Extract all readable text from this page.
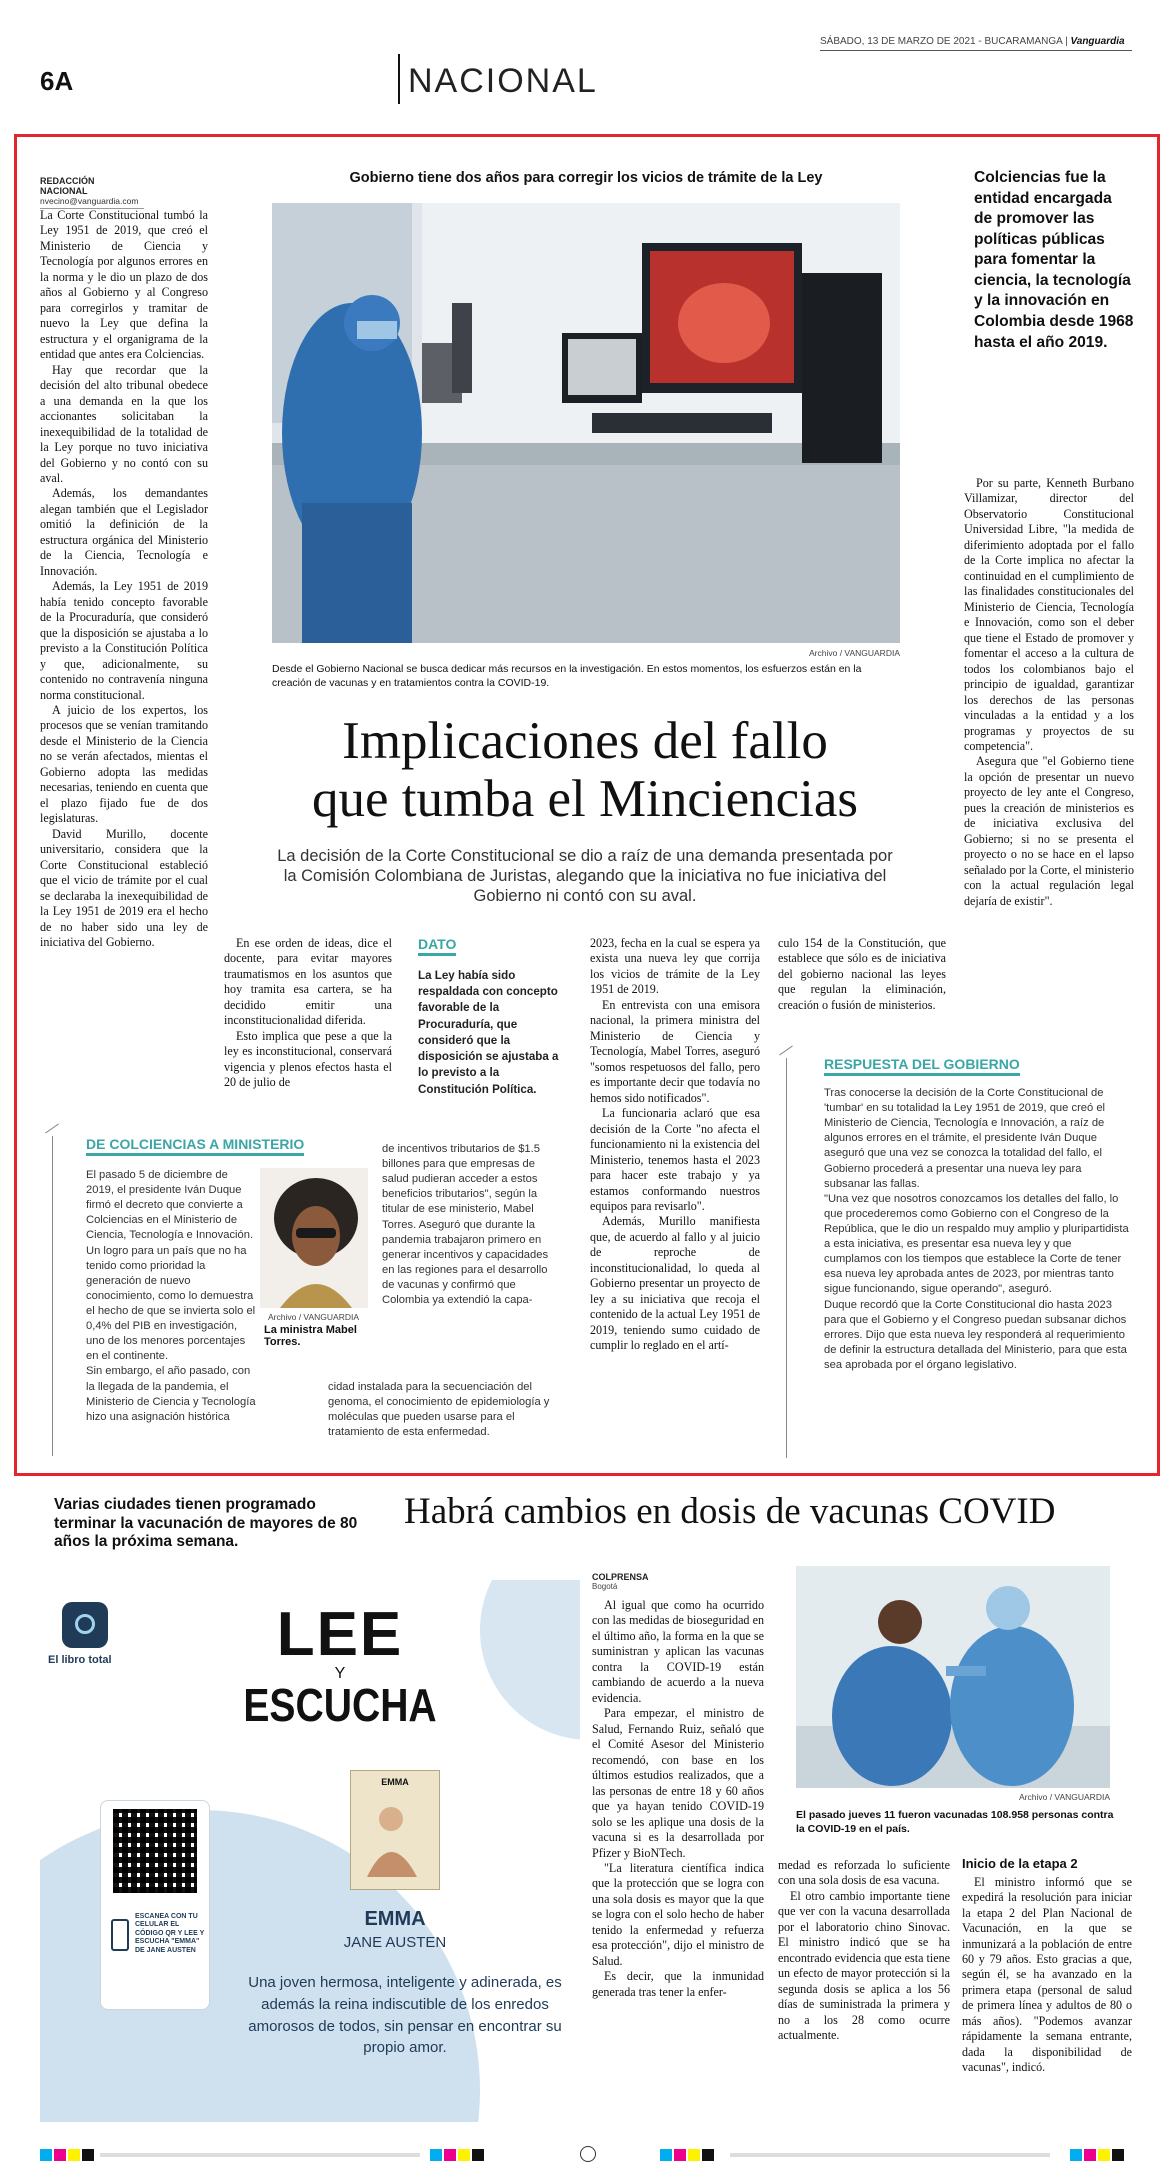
SÁBADO, 13 DE MARZO DE 2021 - BUCARAMANGA | Vanguardia
6A	NACIONAL
REDACCIÓN NACIONAL
nvecino@vanguardia.com

La Corte Constitucional tumbó la Ley 1951 de 2019, que creó el Ministerio de Ciencia y Tecnología por algunos errores en la norma y le dio un plazo de dos años al Gobierno y al Congreso para corregirlos y tramitar de nuevo la Ley que defina la estructura y el organigrama de la entidad que antes era Colciencias.

Hay que recordar que la decisión del alto tribunal obedece a una demanda en la que los accionantes solicitaban la inexequibilidad de la totalidad de la Ley porque no tuvo iniciativa del Gobierno y no contó con su aval.

Además, los demandantes alegan también que el Legislador omitió la definición de la estructura orgánica del Ministerio de la Ciencia, Tecnología e Innovación.

Además, la Ley 1951 de 2019 había tenido concepto favorable de la Procuraduría, que consideró que la disposición se ajustaba a lo previsto a la Constitución Política y que, adicionalmente, su contenido no contravenía ninguna norma constitucional.

A juicio de los expertos, los procesos que se venían tramitando desde el Ministerio de la Ciencia no se verán afectados, mientas el Gobierno adopta las medidas necesarias, teniendo en cuenta que el plazo fijado fue de dos legislaturas.

David Murillo, docente universitario, considera que la Corte Constitucional estableció que el vicio de trámite por el cual se declaraba la inexequibilidad de la Ley 1951 de 2019 era el hecho de no haber sido una ley de iniciativa del Gobierno.

Gobierno tiene dos años para corregir los vicios de trámite de la Ley
Archivo / VANGUARDIA
Desde el Gobierno Nacional se busca dedicar más recursos en la investigación. En estos momentos, los esfuerzos están en la creación de vacunas y en tratamientos contra la COVID-19.
Colciencias fue la entidad encargada de promover las políticas públicas para fomentar la ciencia, la tecnología y la innovación en Colombia desde 1968 hasta el año 2019.

Por su parte, Kenneth Burbano Villamizar, director del Observatorio Constitucional Universidad Libre, "la medida de diferimiento adoptada por el fallo de la Corte implica no afectar la continuidad en el cumplimiento de las finalidades constitucionales del Ministerio de Ciencia, Tecnología e Innovación, como son el deber que tiene el Estado de promover y fomentar el acceso a la cultura de todos los colombianos bajo el principio de igualdad, garantizar los derechos de las personas vinculadas a la entidad y a los programas y proyectos de su competencia".

Asegura que "el Gobierno tiene la opción de presentar un nuevo proyecto de ley ante el Congreso, pues la creación de ministerios es de iniciativa exclusiva del Gobierno; si no se presenta el proyecto o no se hace en el lapso señalado por la Corte, el ministerio con la actual regulación legal dejaría de existir".

Implicaciones del fallo
que tumba el Minciencias
La decisión de la Corte Constitucional se dio a raíz de una demanda presentada por la Comisión Colombiana de Juristas, alegando que la iniciativa no fue iniciativa del Gobierno ni contó con su aval.

En ese orden de ideas, dice el docente, para evitar mayores traumatismos en los asuntos que hoy tramita esa cartera, se ha decidido emitir una inconstitucionalidad diferida.

Esto implica que pese a que la ley es inconstitucional, conservará vigencia y plenos efectos hasta el 20 de julio de

DATO
La Ley había sido respaldada con concepto favorable de la Procuraduría, que consideró que la disposición se ajustaba a lo previsto a la Constitución Política.

2023, fecha en la cual se espera ya exista una nueva ley que corrija los vicios de trámite de la Ley 1951 de 2019.

En entrevista con una emisora nacional, la primera ministra del Ministerio de Ciencia y Tecnología, Mabel Torres, aseguró "somos respetuosos del fallo, pero es importante decir que todavía no hemos sido notificados".

La funcionaria aclaró que esa decisión de la Corte "no afecta el funcionamiento ni la existencia del Ministerio, tenemos hasta el 2023 para hacer este trabajo y ya estamos conformando nuestros equipos para revisarlo".

Además, Murillo manifiesta que, de acuerdo al fallo y al juicio de reproche de inconstitucionalidad, lo queda al Gobierno presentar un proyecto de ley a su iniciativa que recoja el contenido de la actual Ley 1951 de 2019, teniendo sumo cuidado de cumplir lo reglado en el artí-

culo 154 de la Constitución, que establece que sólo es de iniciativa del gobierno nacional las leyes que regulan la eliminación, creación o fusión de ministerios.

DE COLCIENCIAS A MINISTERIO

El pasado 5 de diciembre de 2019, el presidente Iván Duque firmó el decreto que convierte a Colciencias en el Ministerio de Ciencia, Tecnología e Innovación. Un logro para un país que no ha tenido como prioridad la generación de nuevo conocimiento, como lo demuestra el hecho de que se invierta solo el 0,4% del PIB en investigación, uno de los menores porcentajes en el continente.

Sin embargo, el año pasado, con la llegada de la pandemia, el Ministerio de Ciencia y Tecnología hizo una asignación histórica

Archivo / VANGUARDIA
La ministra Mabel Torres.
de incentivos tributarios de $1.5 billones para que empresas de salud pudieran acceder a estos beneficios tributarios", según la titular de ese ministerio, Mabel Torres. Aseguró que durante la pandemia trabajaron primero en generar incentivos y capacidades en las regiones para el desarrollo de vacunas y confirmó que Colombia ya extendió la capa-
cidad instalada para la secuenciación del genoma, el conocimiento de epidemiología y moléculas que pueden usarse para el tratamiento de esta enfermedad.
RESPUESTA DEL GOBIERNO

Tras conocerse la decisión de la Corte Constitucional de 'tumbar' en su totalidad la Ley 1951 de 2019, que creó el Ministerio de Ciencia, Tecnología e Innovación, a raíz de algunos errores en el trámite, el presidente Iván Duque aseguró que una vez se conozca la totalidad del fallo, el Gobierno procederá a presentar una nueva ley para subsanar las fallas.

"Una vez que nosotros conozcamos los detalles del fallo, lo que procederemos como Gobierno con el Congreso de la República, que le dio un respaldo muy amplio y pluripartidista a esta iniciativa, es presentar esa nueva ley y que cumplamos con los tiempos que establece la Corte de tener esa nueva ley aprobada antes de 2023, por mientras tanto sigue funcionando, sigue operando", aseguró.

Duque recordó que la Corte Constitucional dio hasta 2023 para que el Gobierno y el Congreso puedan subsanar dichos errores. Dijo que esta nueva ley responderá al requerimiento de definir la estructura detallada del Ministerio, para que esta sea aprobada por el órgano legislativo.

Varias ciudades tienen programado terminar la vacunación de mayores de 80 años la próxima semana.
Habrá cambios en dosis de vacunas COVID
El libro total	LEE
Y
ESCUCHA
EMMA
EMMA
JANE AUSTEN
ESCANEA CON TU CELULAR EL CÓDIGO QR Y LEE Y ESCUCHA "EMMA" DE JANE AUSTEN
Una joven hermosa, inteligente y adinerada, es además la reina indiscutible de los enredos amorosos de todos, sin pensar en encontrar su propio amor.
COLPRENSA
Bogotá

Al igual que como ha ocurrido con las medidas de bioseguridad en el último año, la forma en la que se suministran y aplican las vacunas contra la COVID-19 están cambiando de acuerdo a la nueva evidencia.

Para empezar, el ministro de Salud, Fernando Ruiz, señaló que el Comité Asesor del Ministerio recomendó, con base en los últimos estudios realizados, que a las personas de entre 18 y 60 años que ya hayan tenido COVID-19 solo se les aplique una dosis de la vacuna si es la desarrollada por Pfizer y BioNTech.

"La literatura científica indica que la protección que se logra con una sola dosis es mayor que la que se logra con el solo hecho de haber tenido la enfermedad y refuerza esa protección", dijo el ministro de Salud.

Es decir, que la inmunidad generada tras tener la enfer-

Archivo / VANGUARDIA
El pasado jueves 11 fueron vacunadas 108.958 personas contra la COVID-19 en el país.

medad es reforzada lo suficiente con una sola dosis de esa vacuna.

El otro cambio importante tiene que ver con la vacuna desarrollada por el laboratorio chino Sinovac. El ministro indicó que se ha encontrado evidencia que esta tiene un efecto de mayor protección si la segunda dosis se aplica a los 56 días de suministrada la primera y no a los 28 como ocurre actualmente.

Inicio de la etapa 2

El ministro informó que se expedirá la resolución para iniciar la etapa 2 del Plan Nacional de Vacunación, en la que se inmunizará a la población de entre 60 y 79 años. Esto gracias a que, según él, se ha avanzado en la primera etapa (personal de salud de primera línea y adultos de 80 o más años). "Podemos avanzar rápidamente la semana entrante, dada la disponibilidad de vacunas", indicó.
